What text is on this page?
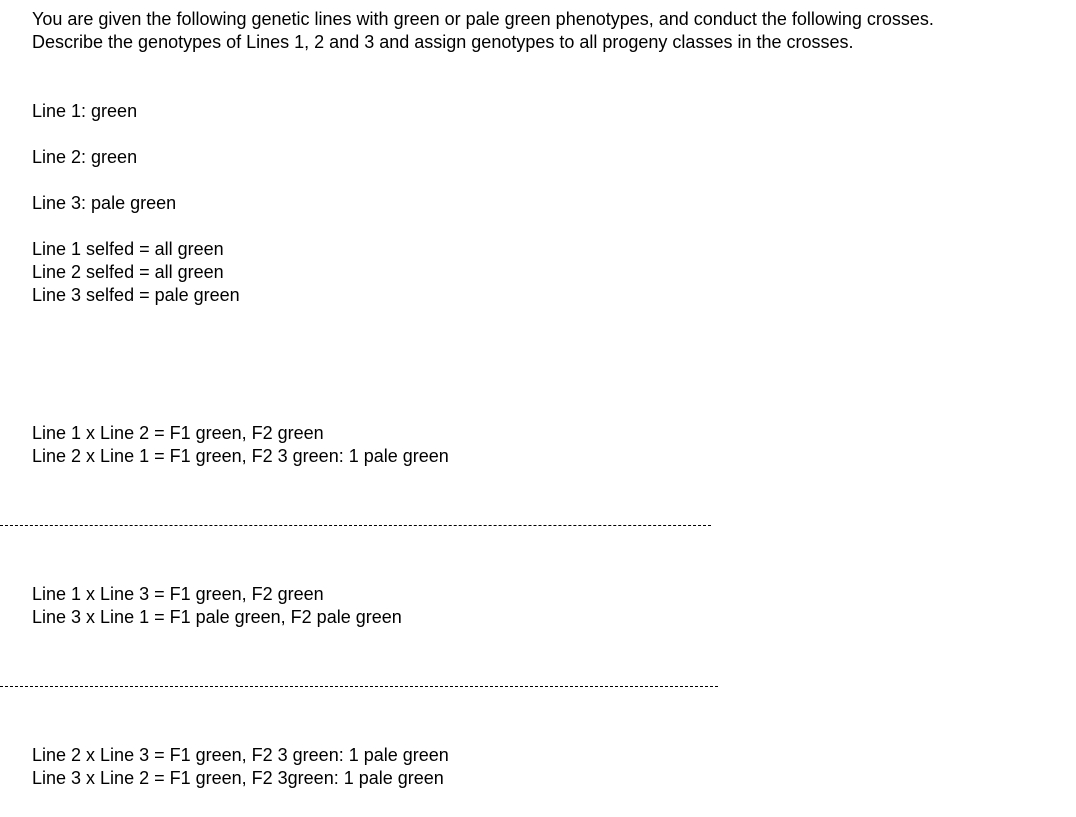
You are given the following genetic lines with green or pale green phenotypes, and conduct the following crosses.
Describe the genotypes of Lines 1, 2 and 3 and assign genotypes to all progeny classes in the crosses.
Line 1: green
Line 2: green
Line 3: pale green
Line 1 selfed = all green
Line 2 selfed = all green
Line 3 selfed = pale green
Line 1 x Line 2 = F1 green, F2 green
Line 2 x Line 1 = F1 green, F2 3 green: 1 pale green
Line 1 x Line 3 = F1 green, F2 green
Line 3 x Line 1 = F1 pale green, F2 pale green
Line 2 x Line 3 = F1 green, F2 3 green: 1 pale green
Line 3 x Line 2 = F1 green, F2 3green: 1 pale green
